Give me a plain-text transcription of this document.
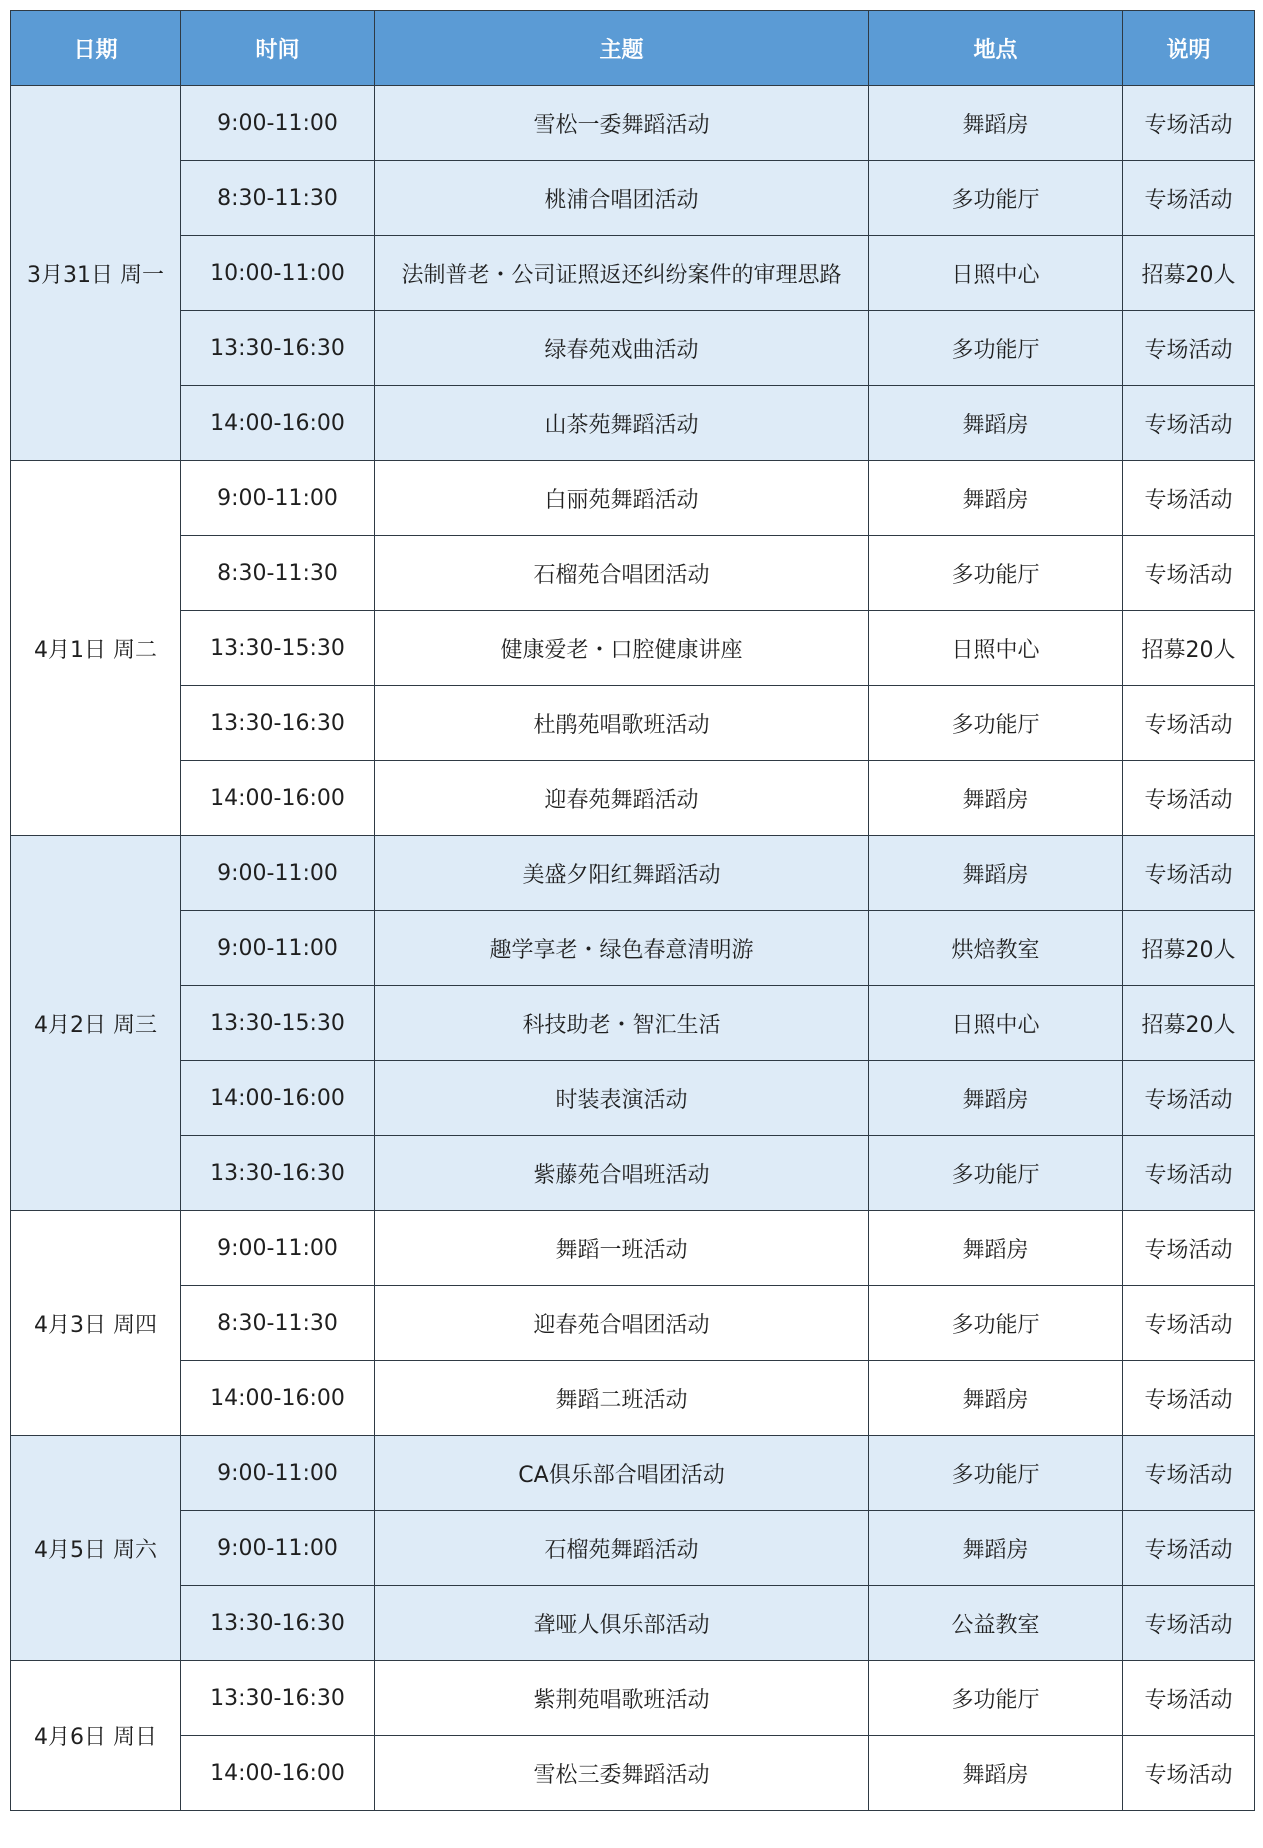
日期	时间	主题	地点	说明
3月31日 周一	9:00-11:00	雪松一委舞蹈活动	舞蹈房	专场活动
	8:30-11:30	桃浦合唱团活动	多功能厅	专场活动
	10:00-11:00	法制普老・公司证照返还纠纷案件的审理思路	日照中心	招募20人
	13:30-16:30	绿春苑戏曲活动	多功能厅	专场活动
	14:00-16:00	山茶苑舞蹈活动	舞蹈房	专场活动
4月1日 周二	9:00-11:00	白丽苑舞蹈活动	舞蹈房	专场活动
	8:30-11:30	石榴苑合唱团活动	多功能厅	专场活动
	13:30-15:30	健康爱老・口腔健康讲座	日照中心	招募20人
	13:30-16:30	杜鹃苑唱歌班活动	多功能厅	专场活动
	14:00-16:00	迎春苑舞蹈活动	舞蹈房	专场活动
4月2日 周三	9:00-11:00	美盛夕阳红舞蹈活动	舞蹈房	专场活动
	9:00-11:00	趣学享老・绿色春意清明游	烘焙教室	招募20人
	13:30-15:30	科技助老・智汇生活	日照中心	招募20人
	14:00-16:00	时装表演活动	舞蹈房	专场活动
	13:30-16:30	紫藤苑合唱班活动	多功能厅	专场活动
4月3日 周四	9:00-11:00	舞蹈一班活动	舞蹈房	专场活动
	8:30-11:30	迎春苑合唱团活动	多功能厅	专场活动
	14:00-16:00	舞蹈二班活动	舞蹈房	专场活动
4月5日 周六	9:00-11:00	CA俱乐部合唱团活动	多功能厅	专场活动
	9:00-11:00	石榴苑舞蹈活动	舞蹈房	专场活动
	13:30-16:30	聋哑人俱乐部活动	公益教室	专场活动
4月6日 周日	13:30-16:30	紫荆苑唱歌班活动	多功能厅	专场活动
	14:00-16:00	雪松三委舞蹈活动	舞蹈房	专场活动
